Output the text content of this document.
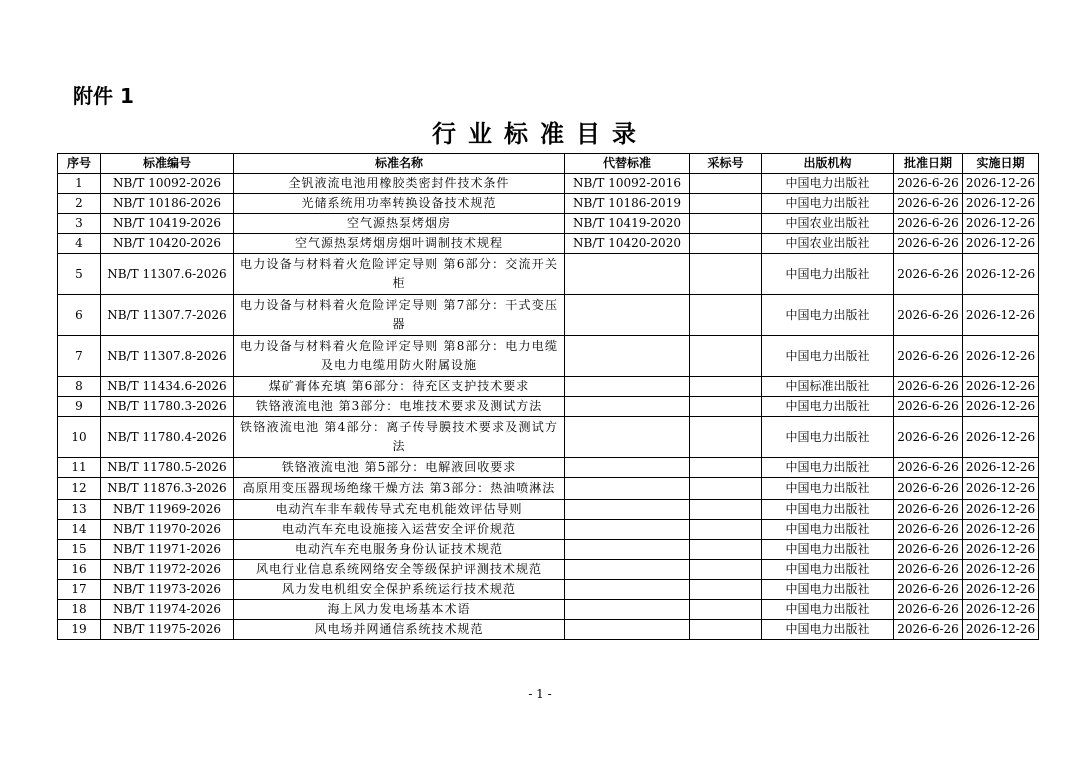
附件 1
行业标准目录
序号	标准编号	标准名称	代替标准	采标号	出版机构	批准日期	实施日期
1	NB/T 10092-2026	全钒液流电池用橡胶类密封件技术条件	NB/T 10092-2016		中国电力出版社	2026-6-26	2026-12-26
2	NB/T 10186-2026	光储系统用功率转换设备技术规范	NB/T 10186-2019		中国电力出版社	2026-6-26	2026-12-26
3	NB/T 10419-2026	空气源热泵烤烟房	NB/T 10419-2020		中国农业出版社	2026-6-26	2026-12-26
4	NB/T 10420-2026	空气源热泵烤烟房烟叶调制技术规程	NB/T 10420-2020		中国农业出版社	2026-6-26	2026-12-26
5	NB/T 11307.6-2026	电力设备与材料着火危险评定导则 第6部分：交流开关柜			中国电力出版社	2026-6-26	2026-12-26
6	NB/T 11307.7-2026	电力设备与材料着火危险评定导则 第7部分：干式变压器			中国电力出版社	2026-6-26	2026-12-26
7	NB/T 11307.8-2026	电力设备与材料着火危险评定导则 第8部分：电力电缆及电力电缆用防火附属设施			中国电力出版社	2026-6-26	2026-12-26
8	NB/T 11434.6-2026	煤矿膏体充填 第6部分：待充区支护技术要求			中国标准出版社	2026-6-26	2026-12-26
9	NB/T 11780.3-2026	铁铬液流电池 第3部分：电堆技术要求及测试方法			中国电力出版社	2026-6-26	2026-12-26
10	NB/T 11780.4-2026	铁铬液流电池 第4部分：离子传导膜技术要求及测试方法			中国电力出版社	2026-6-26	2026-12-26
11	NB/T 11780.5-2026	铁铬液流电池 第5部分：电解液回收要求			中国电力出版社	2026-6-26	2026-12-26
12	NB/T 11876.3-2026	高原用变压器现场绝缘干燥方法 第3部分：热油喷淋法			中国电力出版社	2026-6-26	2026-12-26
13	NB/T 11969-2026	电动汽车非车载传导式充电机能效评估导则			中国电力出版社	2026-6-26	2026-12-26
14	NB/T 11970-2026	电动汽车充电设施接入运营安全评价规范			中国电力出版社	2026-6-26	2026-12-26
15	NB/T 11971-2026	电动汽车充电服务身份认证技术规范			中国电力出版社	2026-6-26	2026-12-26
16	NB/T 11972-2026	风电行业信息系统网络安全等级保护评测技术规范			中国电力出版社	2026-6-26	2026-12-26
17	NB/T 11973-2026	风力发电机组安全保护系统运行技术规范			中国电力出版社	2026-6-26	2026-12-26
18	NB/T 11974-2026	海上风力发电场基本术语			中国电力出版社	2026-6-26	2026-12-26
19	NB/T 11975-2026	风电场并网通信系统技术规范			中国电力出版社	2026-6-26	2026-12-26
- 1 -
